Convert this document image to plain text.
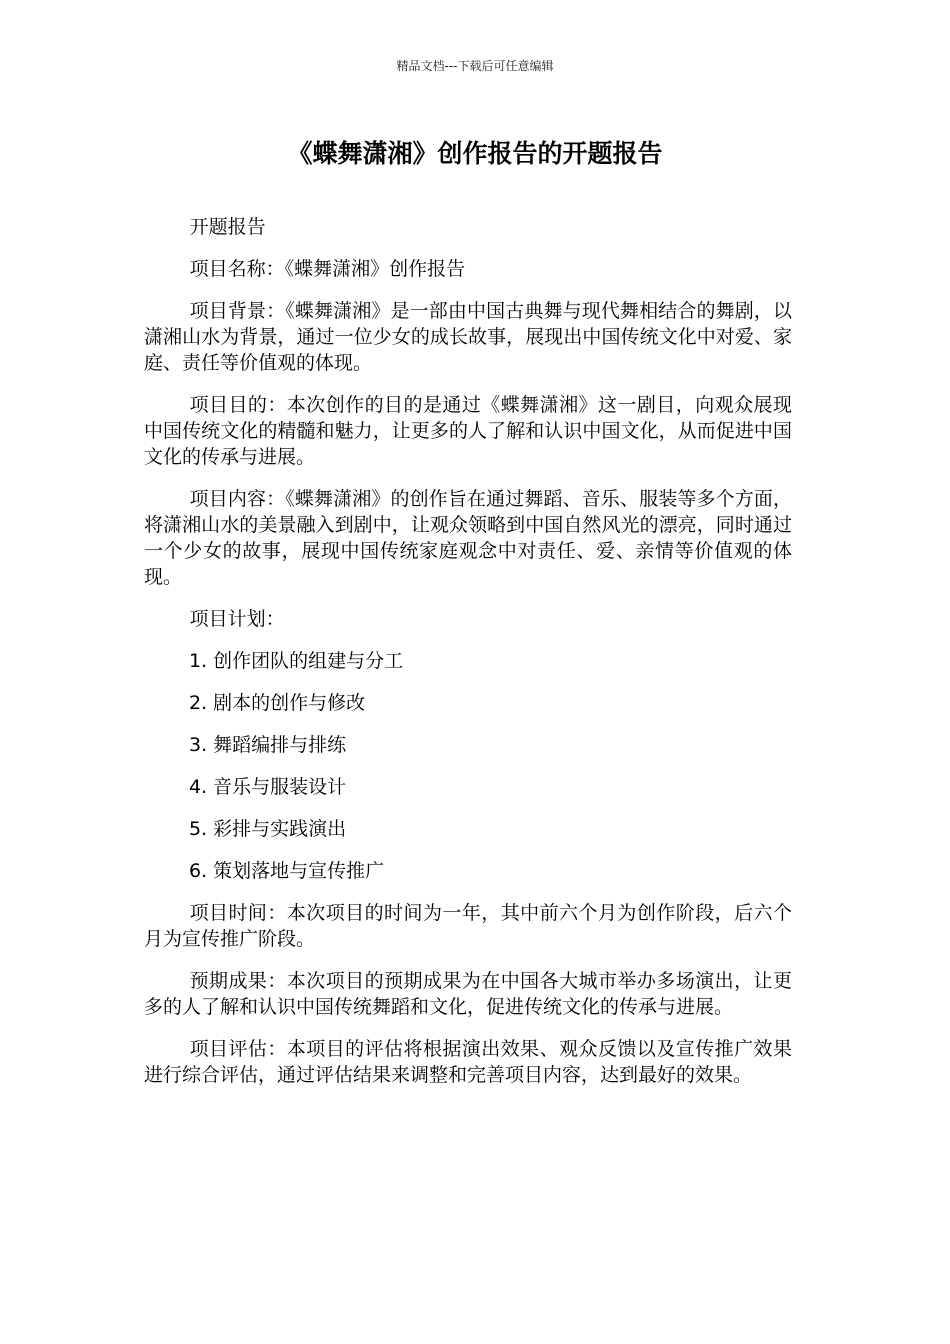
精品文档---下载后可任意编辑
《蝶舞潇湘》创作报告的开题报告

开题报告

项目名称：《蝶舞潇湘》创作报告

项目背景：《蝶舞潇湘》是一部由中国古典舞与现代舞相结合的舞剧，以潇湘山水为背景，通过一位少女的成长故事，展现出中国传统文化中对爱、家庭、责任等价值观的体现。

项目目的：本次创作的目的是通过《蝶舞潇湘》这一剧目，向观众展现中国传统文化的精髓和魅力，让更多的人了解和认识中国文化，从而促进中国文化的传承与进展。

项目内容：《蝶舞潇湘》的创作旨在通过舞蹈、音乐、服装等多个方面，将潇湘山水的美景融入到剧中，让观众领略到中国自然风光的漂亮，同时通过一个少女的故事，展现中国传统家庭观念中对责任、爱、亲情等价值观的体现。

项目计划：

1. 创作团队的组建与分工
2. 剧本的创作与修改
3. 舞蹈编排与排练
4. 音乐与服装设计
5. 彩排与实践演出
6. 策划落地与宣传推广

项目时间：本次项目的时间为一年，其中前六个月为创作阶段，后六个月为宣传推广阶段。

预期成果：本次项目的预期成果为在中国各大城市举办多场演出，让更多的人了解和认识中国传统舞蹈和文化，促进传统文化的传承与进展。

项目评估：本项目的评估将根据演出效果、观众反馈以及宣传推广效果进行综合评估，通过评估结果来调整和完善项目内容，达到最好的效果。
